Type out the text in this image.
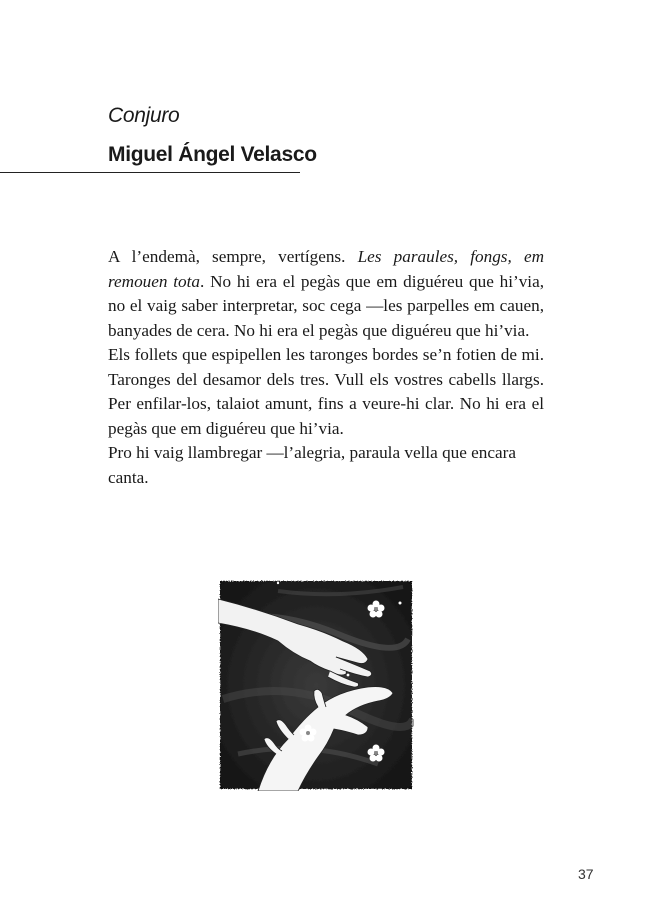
Conjuro
Miguel Ángel Velasco

A l’endemà, sempre, vertígens. Les paraules, fongs, em remouen tota. No hi era el pegàs que em diguéreu que hi’via, no el vaig saber interpretar, soc cega —les parpelles em cauen, banyades de cera. No hi era el pegàs que diguéreu que hi’via.

Els follets que espipellen les taronges bordes se’n fotien de mi. Taronges del desamor dels tres. Vull els vostres cabells llargs. Per enfilar-los, talaiot amunt, fins a veure-hi clar. No hi era el pegàs que em diguéreu que hi’via.

Pro hi vaig llambregar —l’alegria, paraula vella que encara canta.

37
